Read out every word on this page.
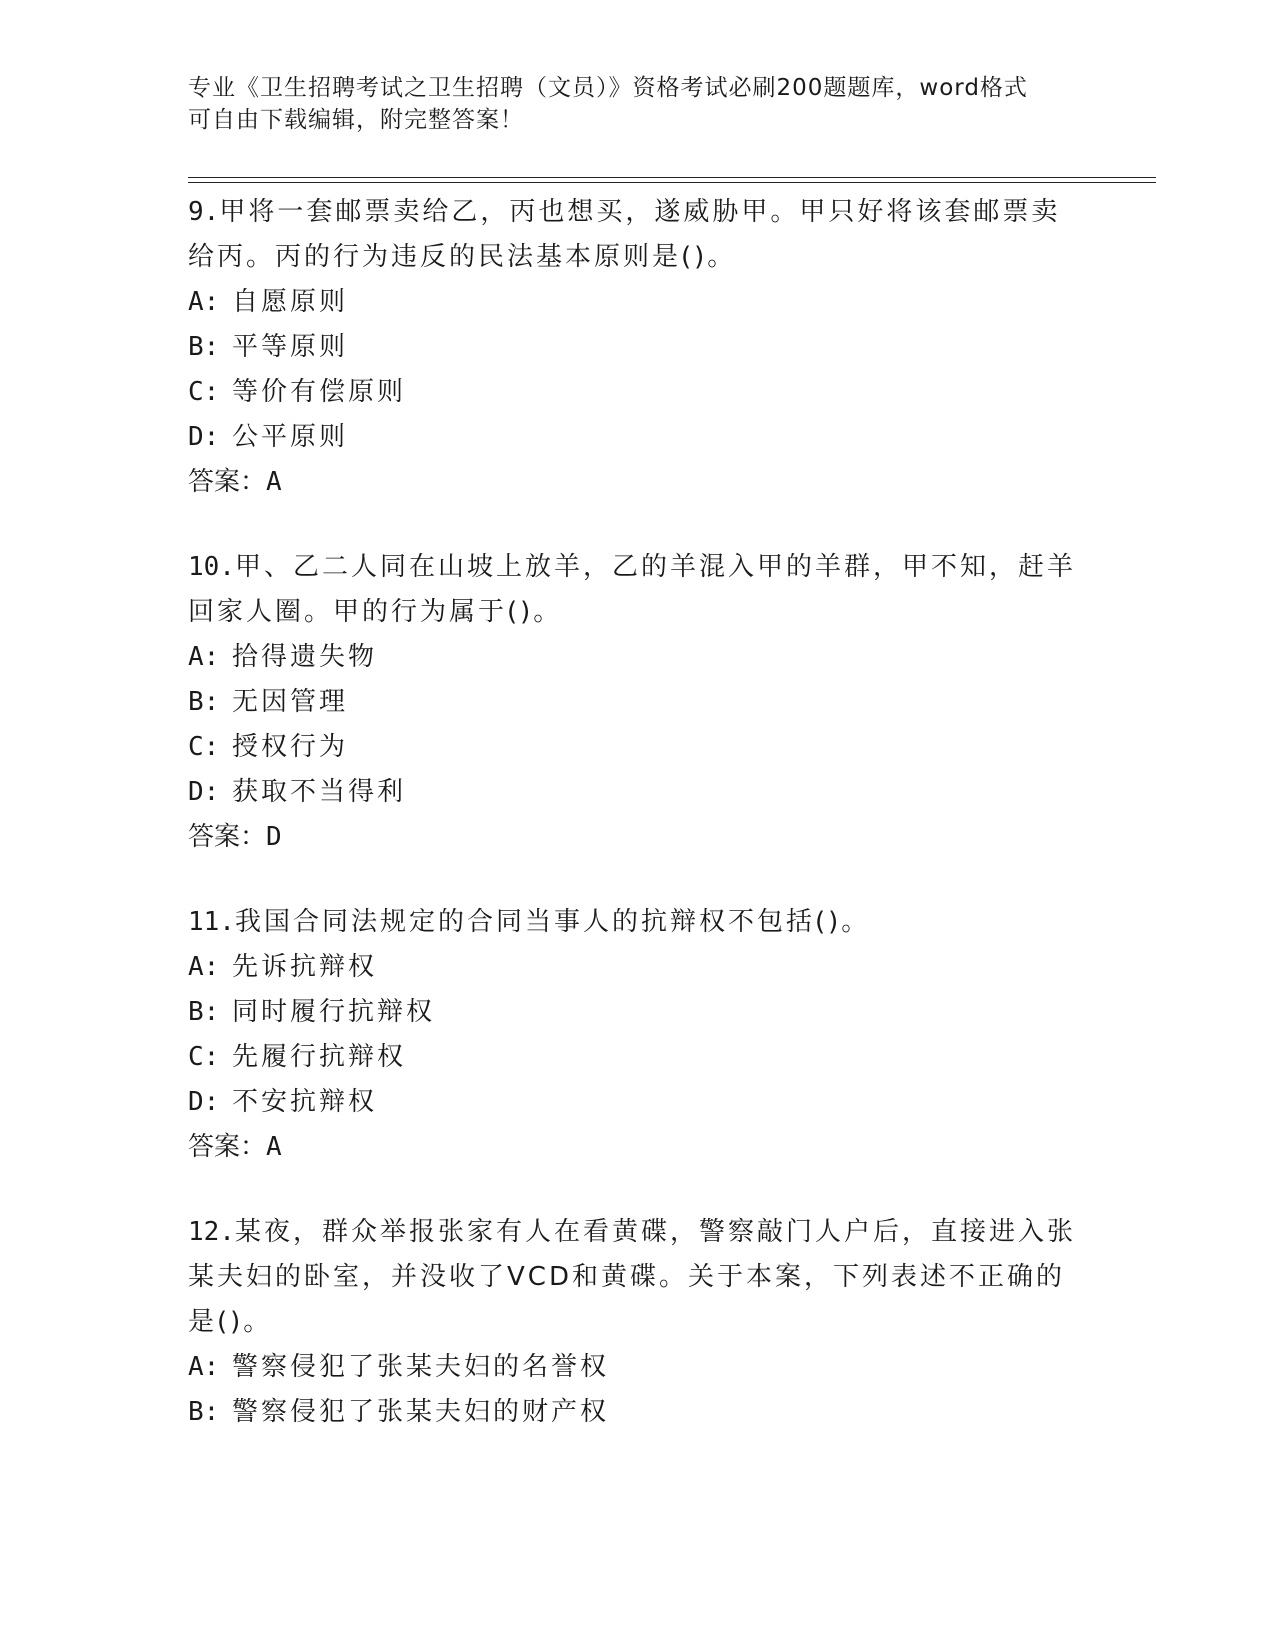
专业《卫生招聘考试之卫生招聘（文员）》资格考试必刷200题题库，word格式
可自由下载编辑，附完整答案！
9.甲将一套邮票卖给乙，丙也想买，遂威胁甲。甲只好将该套邮票卖给丙。丙的行为违反的民法基本原则是()。
A: 自愿原则
B: 平等原则
C: 等价有偿原则
D: 公平原则
答案：A
10.甲、乙二人同在山坡上放羊，乙的羊混入甲的羊群，甲不知，赶羊回家人圈。甲的行为属于()。
A: 拾得遗失物
B: 无因管理
C: 授权行为
D: 获取不当得利
答案：D
11.我国合同法规定的合同当事人的抗辩权不包括()。
A: 先诉抗辩权
B: 同时履行抗辩权
C: 先履行抗辩权
D: 不安抗辩权
答案：A
12.某夜，群众举报张家有人在看黄碟，警察敲门人户后，直接进入张某夫妇的卧室，并没收了VCD和黄碟。关于本案，下列表述不正确的是()。
A: 警察侵犯了张某夫妇的名誉权
B: 警察侵犯了张某夫妇的财产权
